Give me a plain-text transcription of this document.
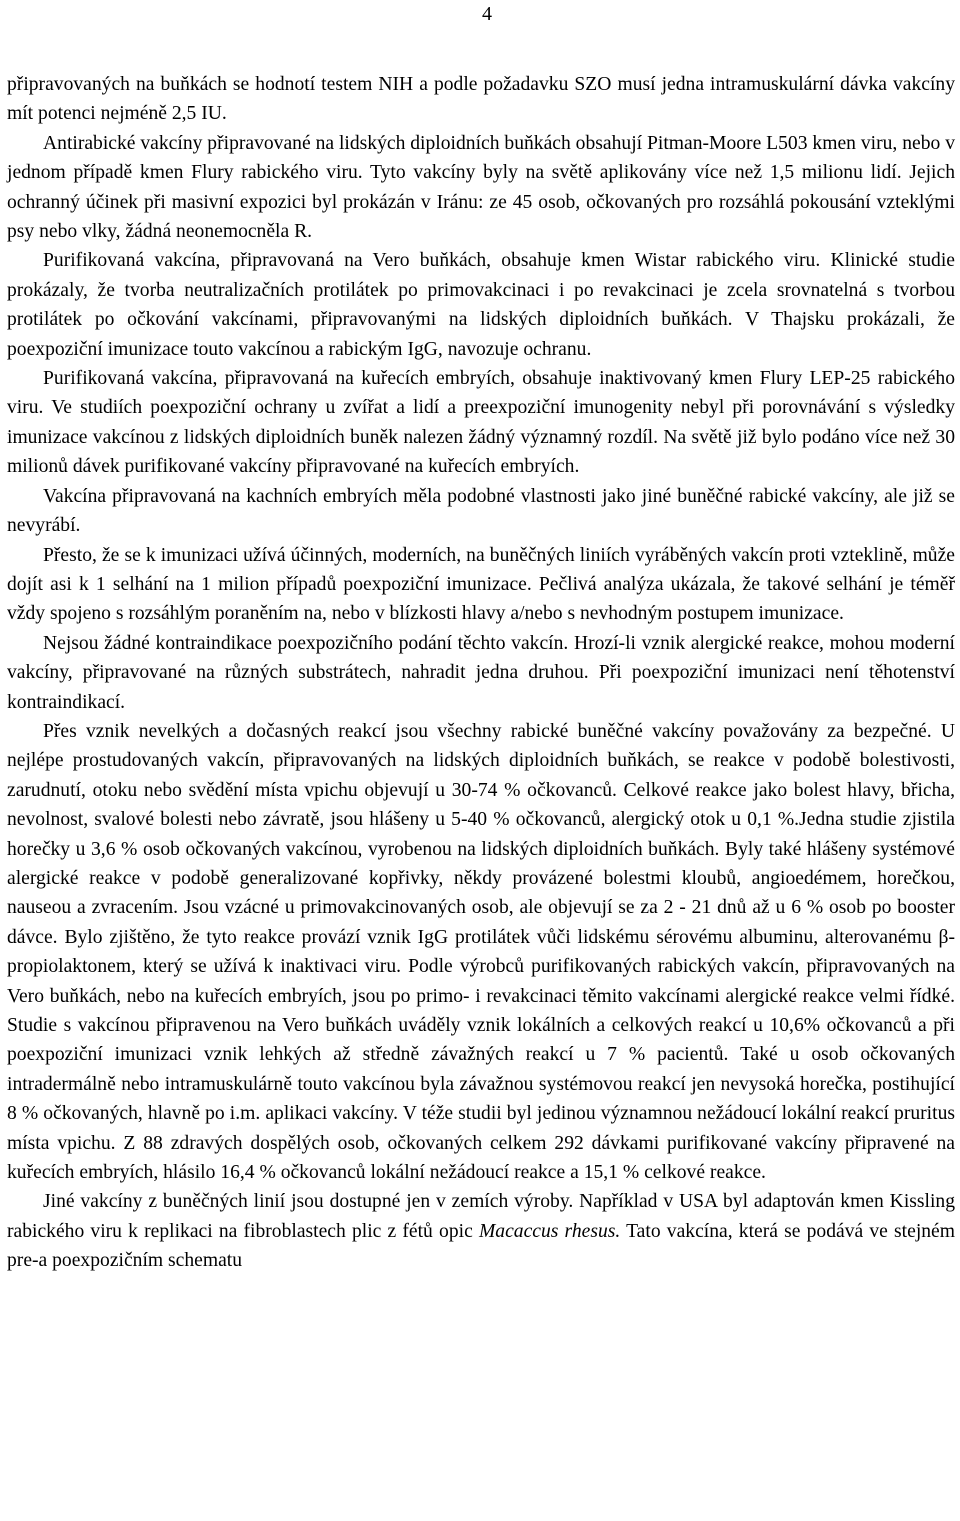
4

připravovaných na buňkách se hodnotí testem NIH a podle požadavku SZO musí jedna intramuskulární dávka vakcíny mít potenci nejméně 2,5 IU.

Antirabické vakcíny připravované na lidských diploidních buňkách obsahují Pitman-Moore L503 kmen viru, nebo v jednom případě kmen Flury rabického viru. Tyto vakcíny byly na světě aplikovány více než 1,5 milionu lidí. Jejich ochranný účinek při masivní expozici byl prokázán v Iránu: ze 45 osob, očkovaných pro rozsáhlá pokousání vzteklými psy nebo vlky, žádná neonemocněla R.

Purifikovaná vakcína, připravovaná na Vero buňkách, obsahuje kmen Wistar rabického viru. Klinické studie prokázaly, že tvorba neutralizačních protilátek po primovakcinaci i po revakcinaci je zcela srovnatelná s tvorbou protilátek po očkování vakcínami, připravovanými na lidských diploidních buňkách. V Thajsku prokázali, že poexpoziční imunizace touto vakcínou a rabickým IgG, navozuje ochranu.

Purifikovaná vakcína, připravovaná na kuřecích embryích, obsahuje inaktivovaný kmen Flury LEP-25 rabického viru. Ve studiích poexpoziční ochrany u zvířat a lidí a preexpoziční imunogenity nebyl při porovnávání s výsledky imunizace vakcínou z lidských diploidních buněk nalezen žádný významný rozdíl. Na světě již bylo podáno více než 30 milionů dávek purifikované vakcíny připravované na kuřecích embryích.

Vakcína připravovaná na kachních embryích měla podobné vlastnosti jako jiné buněčné rabické vakcíny, ale již se nevyrábí.

Přesto, že se k imunizaci užívá účinných, moderních, na buněčných liniích vyráběných vakcín proti vzteklině, může dojít asi k 1 selhání na 1 milion případů poexpoziční imunizace. Pečlivá analýza ukázala, že takové selhání je téměř vždy spojeno s rozsáhlým poraněním na, nebo v blízkosti hlavy a/nebo s nevhodným postupem imunizace.

Nejsou žádné kontraindikace poexpozičního podání těchto vakcín. Hrozí-li vznik alergické reakce, mohou moderní vakcíny, připravované na různých substrátech, nahradit jedna druhou. Při poexpoziční imunizaci není těhotenství kontraindikací.

Přes vznik nevelkých a dočasných reakcí jsou všechny rabické buněčné vakcíny považovány za bezpečné. U nejlépe prostudovaných vakcín, připravovaných na lidských diploidních buňkách, se reakce v podobě bolestivosti, zarudnutí, otoku nebo svědění místa vpichu objevují u 30-74 % očkovanců. Celkové reakce jako bolest hlavy, břicha, nevolnost, svalové bolesti nebo závratě, jsou hlášeny u 5-40 % očkovanců, alergický otok u 0,1 %.Jedna studie zjistila horečky u 3,6 % osob očkovaných vakcínou, vyrobenou na lidských diploidních buňkách. Byly také hlášeny systémové alergické reakce v podobě generalizované kopřivky, někdy provázené bolestmi kloubů, angioedémem, horečkou, nauseou a zvracením. Jsou vzácné u primovakcinovaných osob, ale objevují se za 2 - 21 dnů až u 6 % osob po booster dávce. Bylo zjištěno, že tyto reakce provází vznik IgG protilátek vůči lidskému sérovému albuminu, alterovanému β-propiolaktonem, který se užívá k inaktivaci viru. Podle výrobců purifikovaných rabických vakcín, připravovaných na Vero buňkách, nebo na kuřecích embryích, jsou po primo- i revakcinaci těmito vakcínami alergické reakce velmi řídké. Studie s vakcínou připravenou na Vero buňkách uváděly vznik lokálních a celkových reakcí u 10,6% očkovanců a při poexpoziční imunizaci vznik lehkých až středně závažných reakcí u 7 % pacientů. Také u osob očkovaných intradermálně nebo intramuskulárně touto vakcínou byla závažnou systémovou reakcí jen nevysoká horečka, postihující 8 % očkovaných, hlavně po i.m. aplikaci vakcíny. V téže studii byl jedinou významnou nežádoucí lokální reakcí pruritus místa vpichu. Z 88 zdravých dospělých osob, očkovaných celkem 292 dávkami purifikované vakcíny připravené na kuřecích embryích, hlásilo 16,4 % očkovanců lokální nežádoucí reakce a 15,1 % celkové reakce.

Jiné vakcíny z buněčných linií jsou dostupné jen v zemích výroby. Například v USA byl adaptován kmen Kissling rabického viru k replikaci na fibroblastech plic z fétů opic Macaccus rhesus. Tato vakcína, která se podává ve stejném pre-a poexpozičním schematu
